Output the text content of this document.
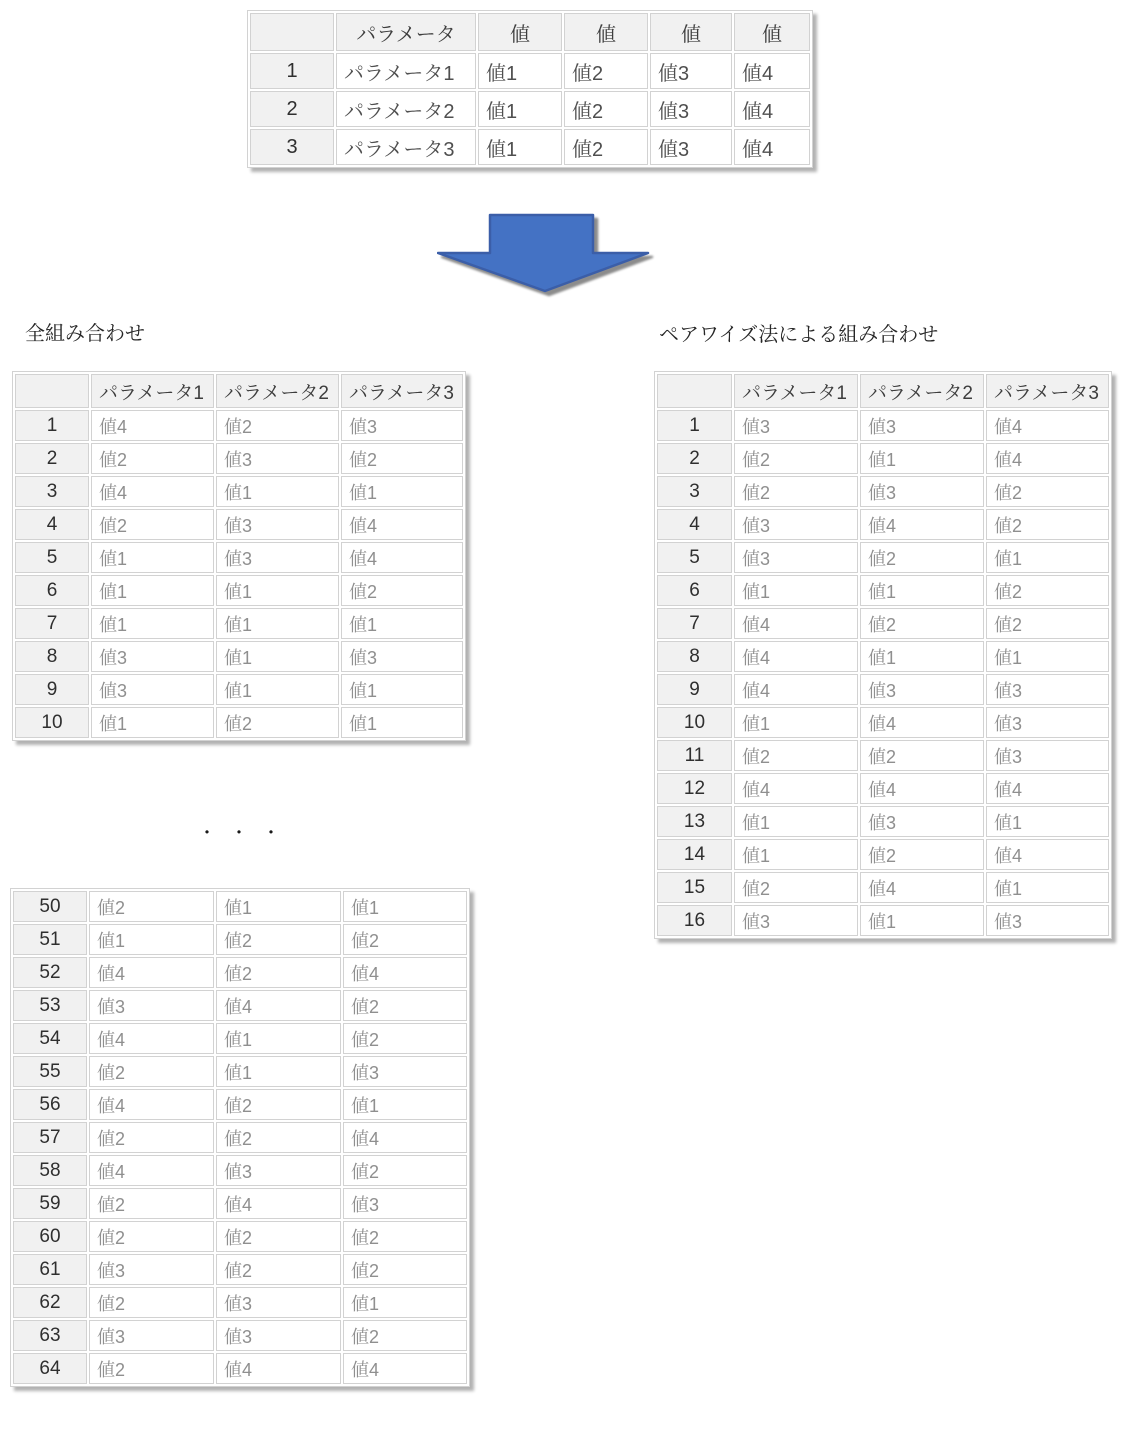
	パラメータ	値	値	値	値
1	パラメータ1	値1	値2	値3	値4
2	パラメータ2	値1	値2	値3	値4
3	パラメータ3	値1	値2	値3	値4
全組み合わせ
	パラメータ1	パラメータ2	パラメータ3
1	値4	値2	値3
2	値2	値3	値2
3	値4	値1	値1
4	値2	値3	値4
5	値1	値3	値4
6	値1	値1	値2
7	値1	値1	値1
8	値3	値1	値3
9	値3	値1	値1
10	値1	値2	値1
・・・
50	値2	値1	値1
51	値1	値2	値2
52	値4	値2	値4
53	値3	値4	値2
54	値4	値1	値2
55	値2	値1	値3
56	値4	値2	値1
57	値2	値2	値4
58	値4	値3	値2
59	値2	値4	値3
60	値2	値2	値2
61	値3	値2	値2
62	値2	値3	値1
63	値3	値3	値2
64	値2	値4	値4
ペアワイズ法による組み合わせ
	パラメータ1	パラメータ2	パラメータ3
1	値3	値3	値4
2	値2	値1	値4
3	値2	値3	値2
4	値3	値4	値2
5	値3	値2	値1
6	値1	値1	値2
7	値4	値2	値2
8	値4	値1	値1
9	値4	値3	値3
10	値1	値4	値3
11	値2	値2	値3
12	値4	値4	値4
13	値1	値3	値1
14	値1	値2	値4
15	値2	値4	値1
16	値3	値1	値3
